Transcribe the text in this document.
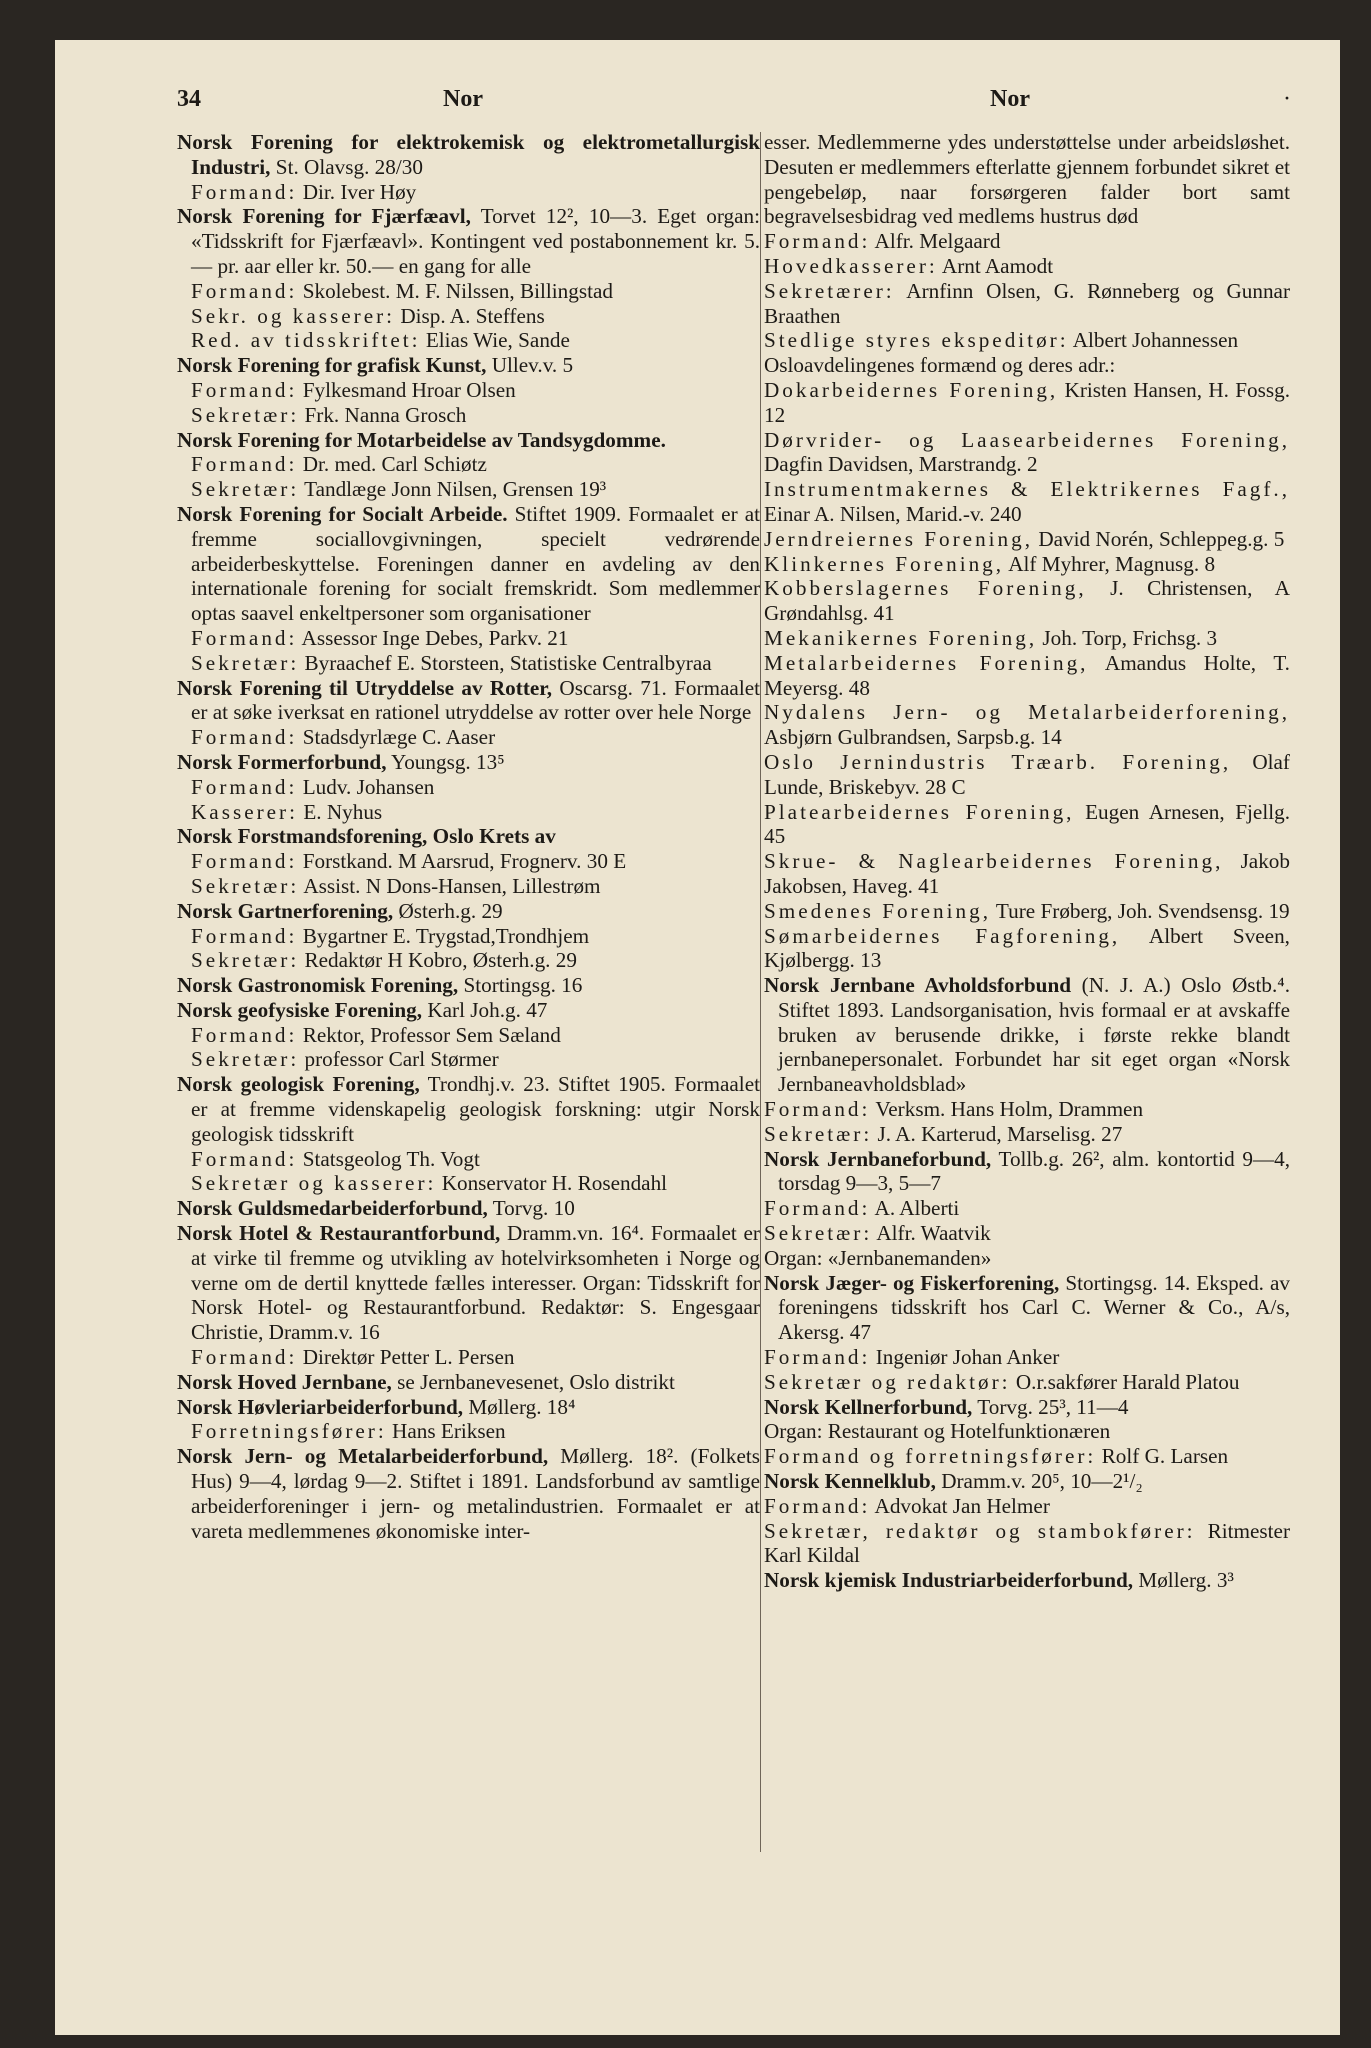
34	Nor	Nor	·

Norsk Forening for elektrokemisk og elektrometallurgisk Industri, St. Olavsg. 28/30

Formand: Dir. Iver Høy

Norsk Forening for Fjærfæavl, Torvet 12², 10—3. Eget organ: «Tidsskrift for Fjærfæavl». Kontingent ved postabonnement kr. 5.— pr. aar eller kr. 50.— en gang for alle

Formand: Skolebest. M. F. Nilssen, Billingstad

Sekr. og kasserer: Disp. A. Steffens

Red. av tidsskriftet: Elias Wie, Sande

Norsk Forening for grafisk Kunst, Ullev.v. 5

Formand: Fylkesmand Hroar Olsen

Sekretær: Frk. Nanna Grosch

Norsk Forening for Motarbeidelse av Tandsygdomme.

Formand: Dr. med. Carl Schiøtz

Sekretær: Tandlæge Jonn Nilsen, Grensen 19³

Norsk Forening for Socialt Arbeide. Stiftet 1909. Formaalet er at fremme sociallovgivningen, specielt vedrørende arbeiderbeskyttelse. Foreningen danner en avdeling av den internationale forening for socialt fremskridt. Som medlemmer optas saavel enkeltpersoner som organisationer

Formand: Assessor Inge Debes, Parkv. 21

Sekretær: Byraachef E. Storsteen, Statistiske Centralbyraa

Norsk Forening til Utryddelse av Rotter, Oscarsg. 71. Formaalet er at søke iverksat en rationel utryddelse av rotter over hele Norge

Formand: Stadsdyrlæge C. Aaser

Norsk Formerforbund, Youngsg. 13⁵

Formand: Ludv. Johansen

Kasserer: E. Nyhus

Norsk Forstmandsforening, Oslo Krets av

Formand: Forstkand. M Aarsrud, Frognerv. 30 E

Sekretær: Assist. N Dons-Hansen, Lillestrøm

Norsk Gartnerforening, Østerh.g. 29

Formand: Bygartner E. Trygstad,Trondhjem

Sekretær: Redaktør H Kobro, Østerh.g. 29

Norsk Gastronomisk Forening, Stortingsg. 16

Norsk geofysiske Forening, Karl Joh.g. 47

Formand: Rektor, Professor Sem Sæland

Sekretær: professor Carl Størmer

Norsk geologisk Forening, Trondhj.v. 23. Stiftet 1905. Formaalet er at fremme videnskapelig geologisk forskning: utgir Norsk geologisk tidsskrift

Formand: Statsgeolog Th. Vogt

Sekretær og kasserer: Konservator H. Rosendahl

Norsk Guldsmedarbeiderforbund, Torvg. 10

Norsk Hotel & Restaurantforbund, Dramm.vn. 16⁴. Formaalet er at virke til fremme og utvikling av hotelvirksomheten i Norge og verne om de dertil knyttede fælles interesser. Organ: Tidsskrift for Norsk Hotel- og Restaurantforbund. Redaktør: S. Engesgaar Christie, Dramm.v. 16

Formand: Direktør Petter L. Persen

Norsk Hoved Jernbane, se Jernbanevesenet, Oslo distrikt

Norsk Høvleriarbeiderforbund, Møllerg. 18⁴

Forretningsfører: Hans Eriksen

Norsk Jern- og Metalarbeiderforbund, Møllerg. 18². (Folkets Hus) 9—4, lørdag 9—2. Stiftet i 1891. Landsforbund av samtlige arbeiderforeninger i jern- og metalindustrien. Formaalet er at vareta medlemmenes økonomiske inter-

esser. Medlemmerne ydes understøttelse under arbeidsløshet. Desuten er medlemmers efterlatte gjennem forbundet sikret et pengebeløp, naar forsørgeren falder bort samt begravelsesbidrag ved medlems hustrus død

Formand: Alfr. Melgaard

Hovedkasserer: Arnt Aamodt

Sekretærer: Arnfinn Olsen, G. Rønneberg og Gunnar Braathen

Stedlige styres ekspeditør: Albert Johannessen

Osloavdelingenes formænd og deres adr.:

Dokarbeidernes Forening, Kristen Hansen, H. Fossg. 12

Dørvrider- og Laasearbeidernes Forening, Dagfin Davidsen, Marstrandg. 2

Instrumentmakernes & Elektrikernes Fagf., Einar A. Nilsen, Marid.-v. 240

Jerndreiernes Forening, David Norén, Schleppeg.g. 5

Klinkernes Forening, Alf Myhrer, Magnusg. 8

Kobberslagernes Forening, J. Christensen, A Grøndahlsg. 41

Mekanikernes Forening, Joh. Torp, Frichsg. 3

Metalarbeidernes Forening, Amandus Holte, T. Meyersg. 48

Nydalens Jern- og Metalarbeiderforening, Asbjørn Gulbrandsen, Sarpsb.g. 14

Oslo Jernindustris Træarb. Forening, Olaf Lunde, Briskebyv. 28 C

Platearbeidernes Forening, Eugen Arnesen, Fjellg. 45

Skrue- & Naglearbeidernes Forening, Jakob Jakobsen, Haveg. 41

Smedenes Forening, Ture Frøberg, Joh. Svendsensg. 19

Sømarbeidernes Fagforening, Albert Sveen, Kjølbergg. 13

Norsk Jernbane Avholdsforbund (N. J. A.) Oslo Østb.⁴. Stiftet 1893. Landsorganisation, hvis formaal er at avskaffe bruken av berusende drikke, i første rekke blandt jernbanepersonalet. Forbundet har sit eget organ «Norsk Jernbaneavholdsblad»

Formand: Verksm. Hans Holm, Drammen

Sekretær: J. A. Karterud, Marselisg. 27

Norsk Jernbaneforbund, Tollb.g. 26², alm. kontortid 9—4, torsdag 9—3, 5—7

Formand: A. Alberti

Sekretær: Alfr. Waatvik

Organ: «Jernbanemanden»

Norsk Jæger- og Fiskerforening, Stortingsg. 14. Eksped. av foreningens tidsskrift hos Carl C. Werner & Co., A/s, Akersg. 47

Formand: Ingeniør Johan Anker

Sekretær og redaktør: O.r.sakfører Harald Platou

Norsk Kellnerforbund, Torvg. 25³, 11—4

Organ: Restaurant og Hotelfunktionæren

Formand og forretningsfører: Rolf G. Larsen

Norsk Kennelklub, Dramm.v. 20⁵, 10—2¹/₂

Formand: Advokat Jan Helmer

Sekretær, redaktør og stambokfører: Ritmester Karl Kildal

Norsk kjemisk Industriarbeiderforbund, Møllerg. 3³
